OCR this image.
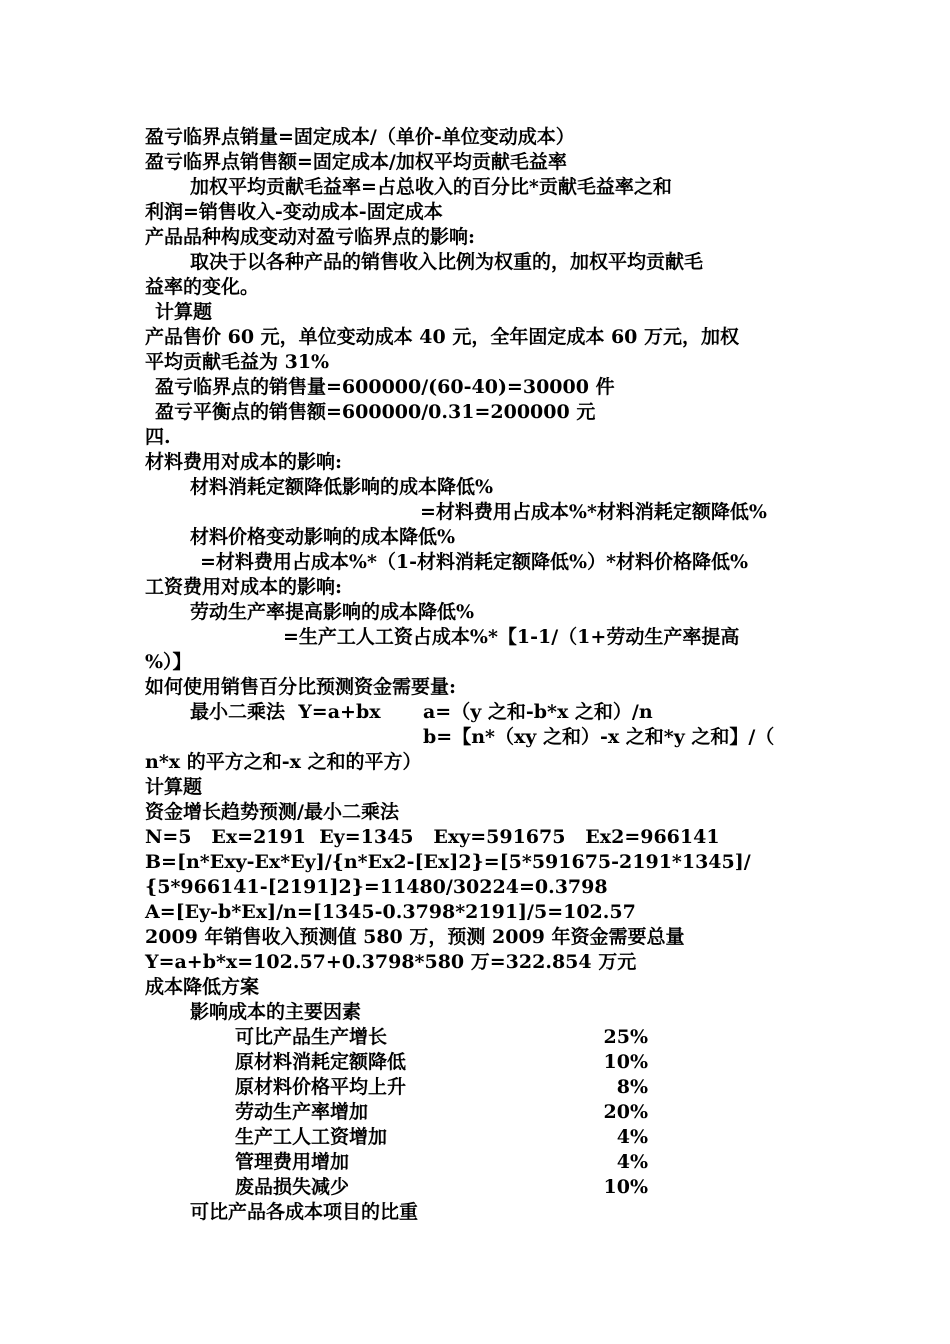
盈亏临界点销量=固定成本/（单价-单位变动成本）
盈亏临界点销售额=固定成本/加权平均贡献毛益率
加权平均贡献毛益率=占总收入的百分比*贡献毛益率之和
利润=销售收入-变动成本-固定成本
产品品种构成变动对盈亏临界点的影响:
取决于以各种产品的销售收入比例为权重的，加权平均贡献毛
益率的变化。
计算题
产品售价 60 元，单位变动成本 40 元，全年固定成本 60 万元，加权
平均贡献毛益为 31%
盈亏临界点的销售量=600000/(60-40)=30000 件
盈亏平衡点的销售额=600000/0.31=200000 元
四.
材料费用对成本的影响:
材料消耗定额降低影响的成本降低%
=材料费用占成本%*材料消耗定额降低%
材料价格变动影响的成本降低%
=材料费用占成本%*（1-材料消耗定额降低%）*材料价格降低%
工资费用对成本的影响:
劳动生产率提高影响的成本降低%
=生产工人工资占成本%*【1-1/（1+劳动生产率提高
%）】
如何使用销售百分比预测资金需要量:
最小二乘法  Y=a+bx a=（y 之和-b*x 之和）/n
b=【n*（xy 之和）-x 之和*y 之和】/（
n*x 的平方之和-x 之和的平方）
计算题
资金增长趋势预测/最小二乘法
N=5   Ex=2191  Ey=1345   Exy=591675   Ex2=966141
B=[n*Exy-Ex*Ey]/{n*Ex2-[Ex]2}=[5*591675-2191*1345]/
{5*966141-[2191]2}=11480/30224=0.3798
A=[Ey-b*Ex]/n=[1345-0.3798*2191]/5=102.57
2009 年销售收入预测值 580 万，预测 2009 年资金需要总量
Y=a+b*x=102.57+0.3798*580 万=322.854 万元
成本降低方案
影响成本的主要因素
可比产品生产增长	25%
原材料消耗定额降低	10%
原材料价格平均上升	8%
劳动生产率增加	20%
生产工人工资增加	4%
管理费用增加	4%
废品损失减少	10%
可比产品各成本项目的比重
